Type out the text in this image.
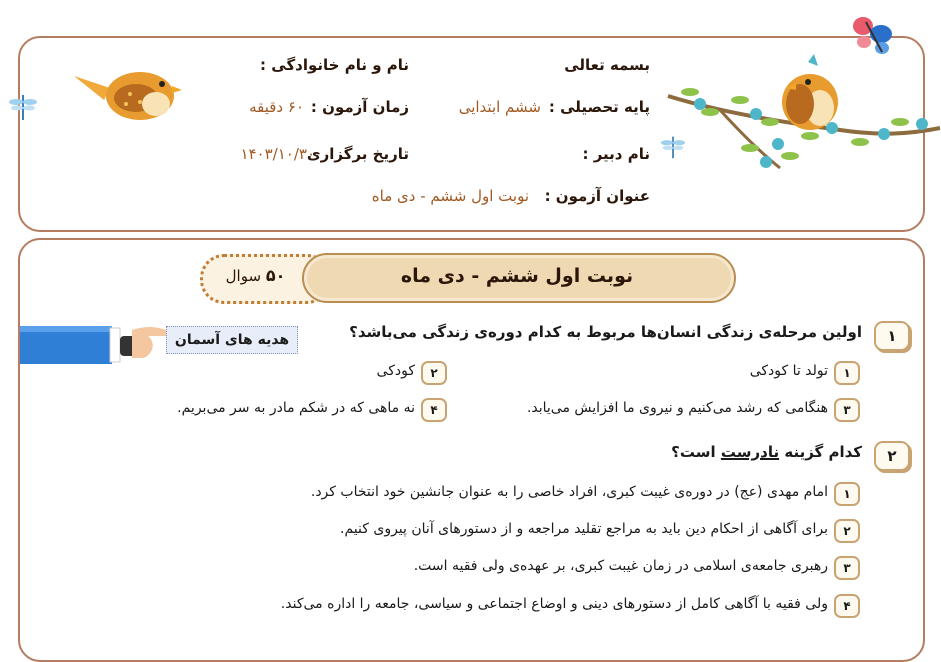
بسمه تعالی
پایه تحصیلی :
ششم ابتدایی
نام دبیر :
عنوان آزمون :
نوبت اول ششم - دی ماه
نام و نام خانوادگی :
زمان آزمون :
۶۰ دقیقه
تاریخ برگزاری
۱۴۰۳/۱۰/۳۰
۵۰ سوال	نوبت اول ششم - دی ماه
هدیه های آسمان	۱
اولین مرحله‌ی زندگی انسان‌ها مربوط به کدام دوره‌ی زندگی می‌باشد؟
۱
تولد تا کودکی
۲
کودکی
۳
هنگامی که رشد می‌کنیم و نیروی ما افزایش می‌یابد.
۴
نه ماهی که در شکم مادر به سر می‌بریم.
۲
کدام گزینه نادرست است؟
۱
امام مهدی (عج) در دوره‌ی غیبت کبری، افراد خاصی را به عنوان جانشین خود انتخاب کرد.
۲
برای آگاهی از احکام دین باید به مراجع تقلید مراجعه و از دستورهای آنان پیروی کنیم.
۳
رهبری جامعه‌ی اسلامی در زمان غیبت کبری، بر عهده‌ی ولی فقیه است.
۴
ولی فقیه با آگاهی کامل از دستورهای دینی و اوضاع اجتماعی و سیاسی، جامعه را اداره می‌کند.
